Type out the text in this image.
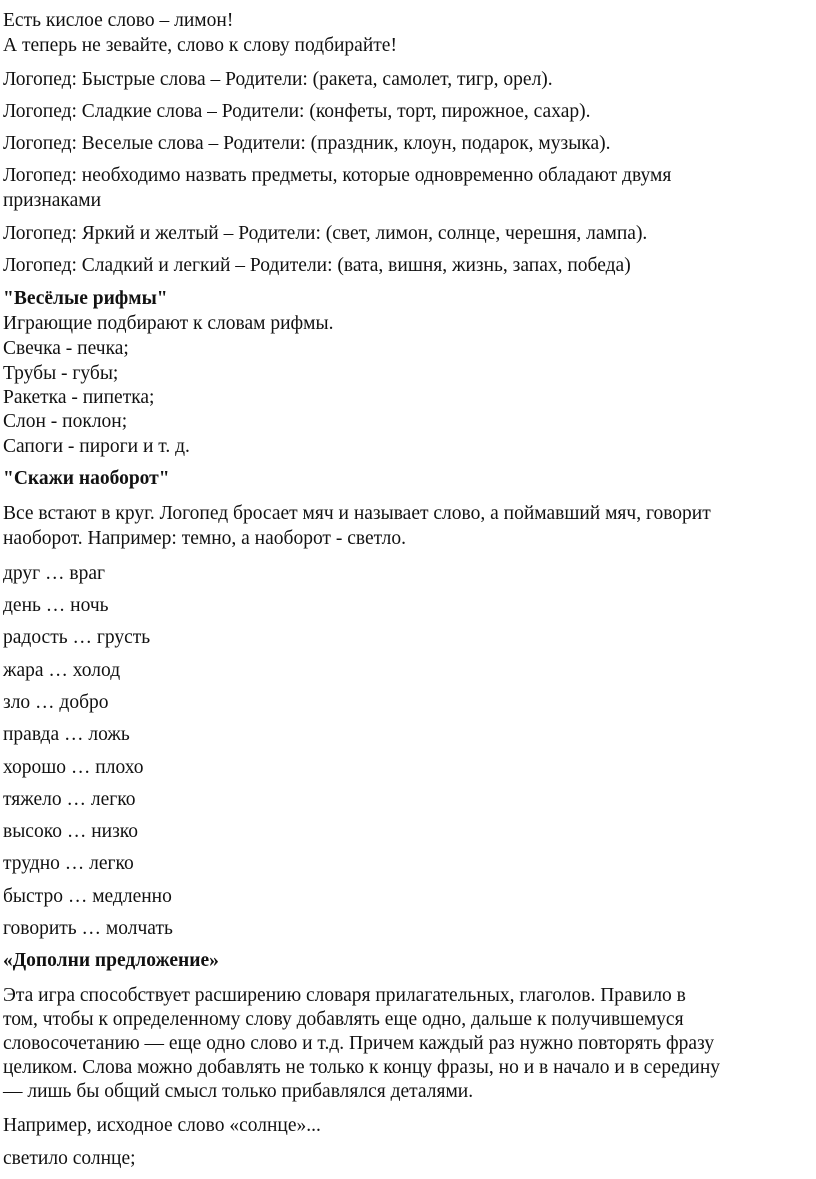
Есть кислое слово – лимон!
А теперь не зевайте, слово к слову подбирайте!
Логопед: Быстрые слова – Родители: (ракета, самолет, тигр, орел).
Логопед: Сладкие слова – Родители: (конфеты, торт, пирожное, сахар).
Логопед: Веселые слова – Родители: (праздник, клоун, подарок, музыка).
Логопед: необходимо назвать предметы, которые одновременно обладают двумя
признаками
Логопед: Яркий и желтый – Родители: (свет, лимон, солнце, черешня, лампа).
Логопед: Сладкий и легкий – Родители: (вата, вишня, жизнь, запах, победа)
"Весёлые рифмы"
Играющие подбирают к словам рифмы.
Свечка - печка;
Трубы - губы;
Ракетка - пипетка;
Слон - поклон;
Сапоги - пироги и т. д.
"Скажи наоборот"
Все встают в круг. Логопед бросает мяч и называет слово, а поймавший мяч, говорит
наоборот. Например: темно, а наоборот - светло.
друг … враг
день … ночь
радость … грусть
жара … холод
зло … добро
правда … ложь
хорошо … плохо
тяжело … легко
высоко … низко
трудно … легко
быстро … медленно
говорить … молчать
«Дополни предложение»
Эта игра способствует расширению словаря прилагательных, глаголов. Правило в
том, чтобы к определенному слову добавлять еще одно, дальше к получившемуся
словосочетанию — еще одно слово и т.д. Причем каждый раз нужно повторять фразу
целиком. Слова можно добавлять не только к концу фразы, но и в начало и в середину
— лишь бы общий смысл только прибавлялся деталями.
Например, исходное слово «солнце»...
светило солнце;
